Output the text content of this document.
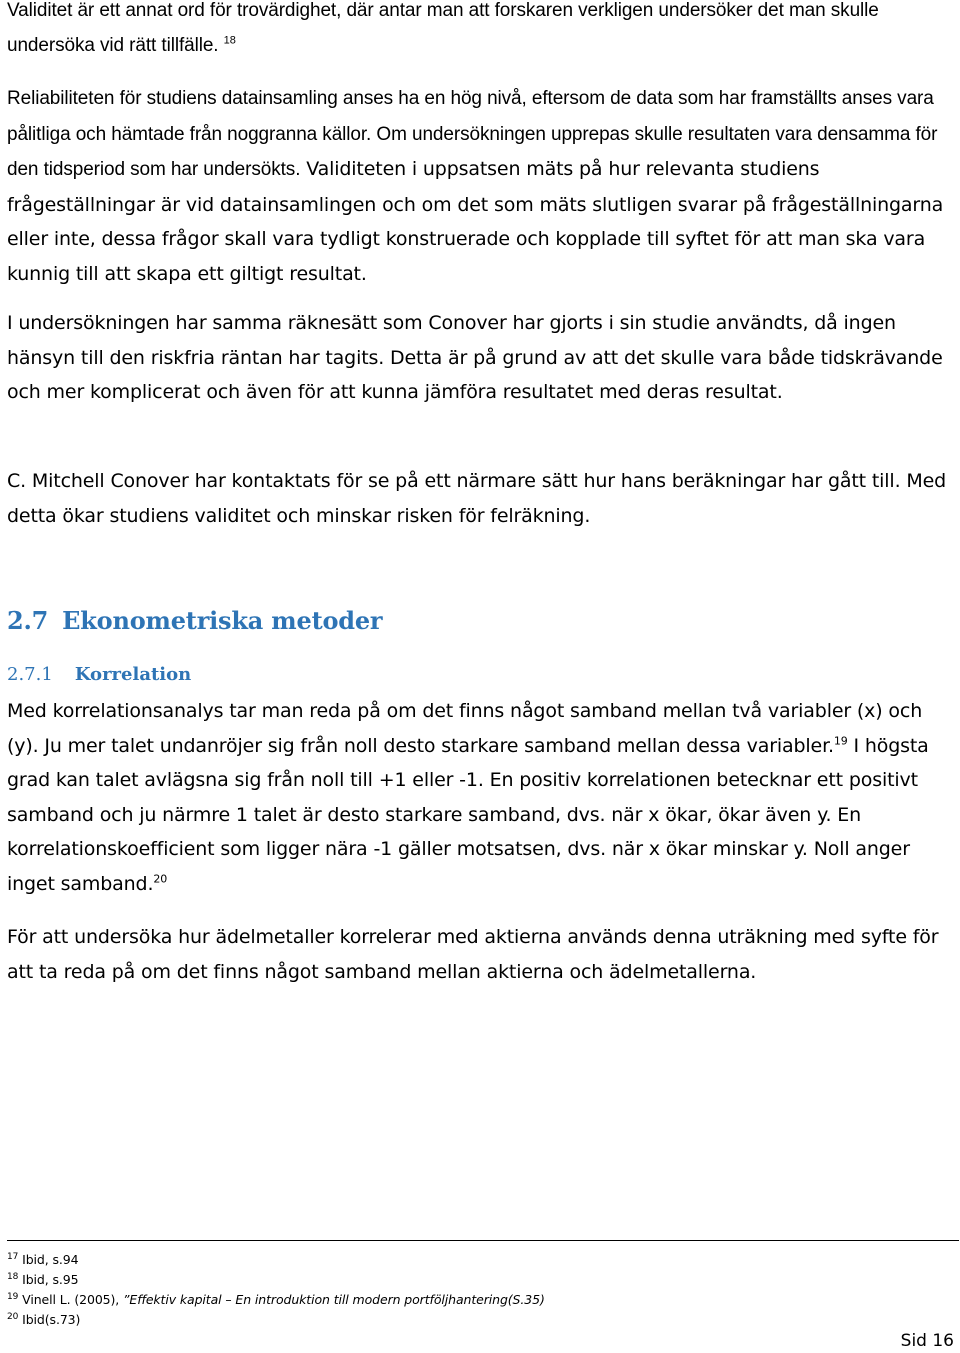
Validitet är ett annat ord för trovärdighet, där antar man att forskaren verkligen undersöker det man skulle undersöka vid rätt tillfälle. $^{18}$

Reliabiliteten för studiens datainsamling anses ha en hög nivå, eftersom de data som har framställts anses vara pålitliga och hämtade från noggranna källor. Om undersökningen upprepas skulle resultaten vara densamma för den tidsperiod som har undersökts. Validiteten i uppsatsen mäts på hur relevanta studiens frågeställningar är vid datainsamlingen och om det som mäts slutligen svarar på frågeställningarna eller inte, dessa frågor skall vara tydligt konstruerade och kopplade till syftet för att man ska vara kunnig till att skapa ett giltigt resultat.

I undersökningen har samma räknesätt som Conover har gjorts i sin studie användts, då ingen hänsyn till den riskfria räntan har tagits. Detta är på grund av att det skulle vara både tidskrävande och mer komplicerat och även för att kunna jämföra resultatet med deras resultat.

C. Mitchell Conover har kontaktats för se på ett närmare sätt hur hans beräkningar har gått till. Med detta ökar studiens validitet och minskar risken för felräkning.

2.7 Ekonometriska metoder
2.7.1 Korrelation

Med korrelationsanalys tar man reda på om det finns något samband mellan två variabler (x) och (y). Ju mer talet undanröjer sig från noll desto starkare samband mellan dessa variabler.$^{19}$ I högsta grad kan talet avlägsna sig från noll till +1 eller -1. En positiv korrelationen betecknar ett positivt samband och ju närmre 1 talet är desto starkare samband, dvs. när x ökar, ökar även y. En korrelationskoefficient som ligger nära -1 gäller motsatsen, dvs. när x ökar minskar y. Noll anger inget samband.$^{20}$

För att undersöka hur ädelmetaller korrelerar med aktierna används denna uträkning med syfte för att ta reda på om det finns något samband mellan aktierna och ädelmetallerna.

$^{17}$ Ibid, s.94
$^{18}$ Ibid, s.95
$^{19}$ Vinell L. (2005), ”Effektiv kapital – En introduktion till modern portföljhantering(S.35)
$^{20}$ Ibid(s.73)
Sid 16
